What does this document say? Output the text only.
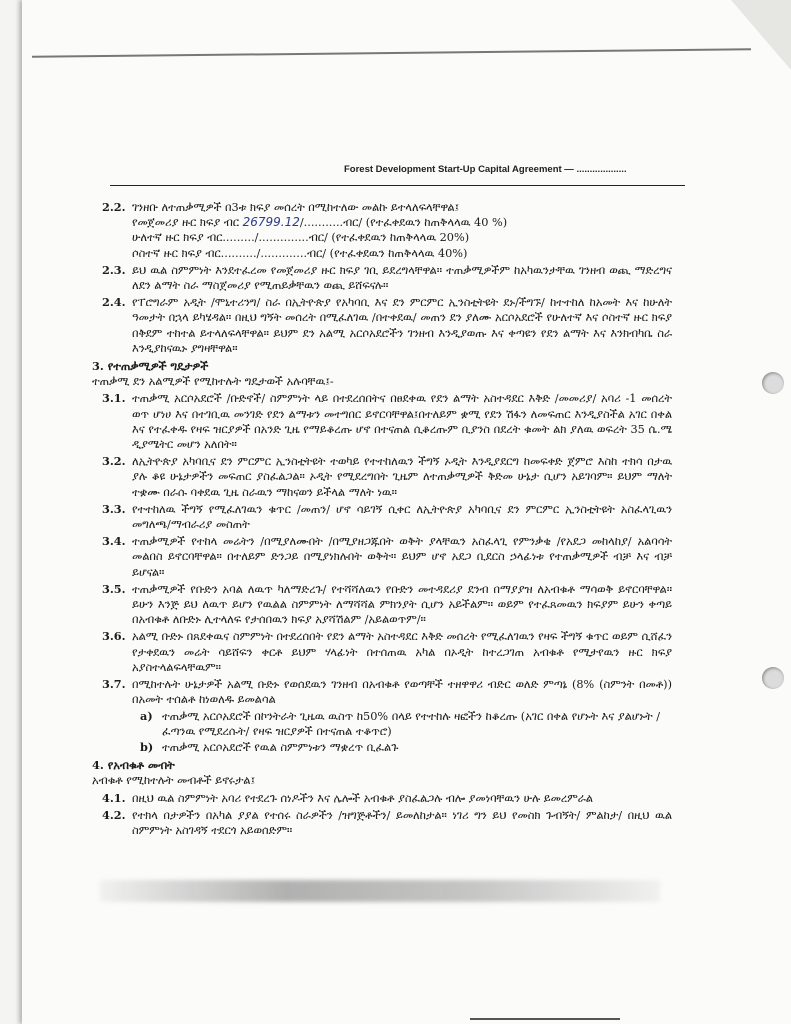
Forest Development Start-Up Capital Agreement — ...................
2.2. ገንዘቡ ለተጠቃሚዎች በ3ቱ ክፍያ መሰረት በሚከተለው መልኩ ይተላለፍላቸዋል፤

የመጀመሪያ ዙር ክፍያ ብር 26799.12/...........ብር/ (የተፈቀደዉን ከጠቅላላዉ 40 %)

ሁለተኛ ዙር ክፍያ ብር........./..............ብር/ (የተፈቀደዉን ከጠቅላላዉ 20%)

ሶስተኛ ዙር ክፍያ ብር........../.............ብር/ (የተፈቀደዉን ከጠቅላላዉ 40%)

2.3. ይህ ዉል ስምምነት እንደተፈረመ የመጀመሪያ ዙር ክፍያ ገቢ ይደረግላቸዋል። ተጠቃሚዎችም ከአካዉንታቸዉ ገንዘብ ወጪ ማድረግና ለደን ልማት ስራ ማስጀመሪያ የሚጠይቃቸዉን ወጪ ይሸፍናሉ።

2.4. የፐሮግራም አዲት /ሞኒተሪንግ/ ስራ በኢትዮጵያ የአካባቢ እና ደን ምርምር ኢንስቲትዩት ደኑ/ችግኙ/ ከተተከለ ከአመት እና ከሁለት ዓመታት በኋላ ይካሄዳል። በዚህ ግኝት መሰረት በሚፈለገዉ /በተቀደዉ/ መጠን ደን ያለሙ አርሶአደሮች የሁለተኛ እና ሶስተኛ ዙር ክፍያ በቅደም ተከተል ይተላለፍላቸዋል። ይህም ደን አልሚ አርሶአደሮችን ገንዘብ እንዲያወጡ እና ቀጣዩን የደን ልማት እና እንክብካቤ ስራ እንዲያከናዉኑ ያግዛቸዋል።

3. የተጠቃሚዎች ግዴታዎች

ተጠቃሚ ደን አልሚዎች የሚከተሉት ግዴታወች አሉባቸዉ፤-

3.1. ተጠቃሚ አርሶአደሮች /ቡድኖች/ ስምምነት ላይ በተደረሰበትና በፀደቀዉ የደን ልማት አስተዳደር እቅድ /መመሪያ/ አባሪ -1 መሰረት ወጥ ሆነሀ እና በተገቢዉ መንገድ የደን ልማቱን መተግበር ይኖርባቸዋል፤በተለይም ቋሚ የደን ሽፋን ለመፍጠር እንዲያስችል አገር በቀል እና የተፈቀዱ የዛፍ ዝርያዎች በአንድ ጊዜ የማይቆረጡ ሆኖ በተናጠል ሲቆረጡም ቢያንስ በደረት ቁመት ልክ ያለዉ ወፍረት 35 ሴ.ሜ ዲያሜትር መሆን አለበት።

3.2. ለኢትዮጵያ አካባቢና ደን ምርምር ኢንስቲትዩት ተወካይ የተተከለዉን ችግኝ ኦዲት እንዲያደርግ ከመፍቀድ ጀምሮ እስከ ተክሳ በታዉ ያሉ ቆዩ ሁኔታዎችን መፍጠር ያስፈልጋል። ኦዲት የሚደረግበት ጊዜም ለተጠቃሚዎች ቅድመ ሁኔታ ሲሆን አይገባም። ይህም ማለት ተቋሙ በራሱ ባቀደዉ ጊዜ ስራዉን ማከናወን ይችላል ማለት ነዉ።

3.3. የተተከለዉ ችግኝ የሚፈለገዉን ቁጥር /መጠን/ ሆኖ ሳይገኝ ሲቀር ለኢትዮጵያ አካባቢና ደን ምርምር ኢንስቲትዩት አስፈላጊዉን መግለጫ/ማብራሪያ መስጠት

3.4. ተጠቃሚዎች የተከላ መሬትን /በሚያለሙበት /በሚያዘጋጁበት ወቅት ያላቸዉን አስፈላጊ የምንቃቄ /የአደጋ መከላከያ/ አልባሳት መልበስ ይኖርባቸዋል። በተለይም ድንጋይ በሚያነክሉበት ወቅት። ይህም ሆኖ አደጋ ቢደርስ ኃላፊነቱ የተጠቃሚዎች ብቻ እና ብቻ ይሆናል።

3.5. ተጠቃሚዎች የቡድን አባል ለዉጥ ካለማድረጉ/ የተሻሻለዉን የቡድን መተዳደሪያ ደንብ በማያያዝ ለአብቁቶ ማሳወቅ ይኖርባቸዋል። ይሁን እንጅ ይህ ለዉጥ ይሆን የዉልል ስምምነት ለማሻሻል ምክንያት ሲሆን አይችልም። ወይም የተፈጸመዉን ክፍያም ይሁን ቀጣይ በአብቁቶ ለቡድኑ ሊተላለፍ የታሰበዉን ክፍያ አያሻሽልም /አይልወጥም/።

3.6. አልሚ ቡድኑ በጸደቀዉና ስምምነት በተደረሰበት የደን ልማት አስተዳደር እቅድ መሰረት የሚፈለገዉን የዛፍ ችግኝ ቁጥር ወይም ሲሸፈን የታቀደዉን መሬት ሳይሸፍን ቀርቶ ይህም ሃላፊነት በተሰጠዉ አካል በኦዲት ከተረጋገጠ አብቁቶ የሚታየዉን ዙር ክፍያ አያስተላልፍላቸዉም።

3.7. በሚከተሉት ሁኔታዎች አልሚ ቡድኑ የወሰደዉን ገንዘብ በአብቁቶ የወጣቸች ተዘዋዋሪ ብድር ወለድ ምጣኔ (8% (ስምንት በመቶ)) በአመት ተሰልቶ ከነወለዱ ይመልሳል

a) ተጠቃሚ አርሶአደሮች በኮንትራት ጊዜዉ ዉስጥ ከ50% በላይ የተተከሉ ዛፎችን ከቆረጡ (አገር በቀል የሆኑት እና ያልሆኑት /ፈጣንዉ የሚደረሱት/ የዛፍ ዝርያዎች በተናጠል ተቆጥሮ)

b) ተጠቃሚ አርሶአደሮች የዉል ስምምነቱን ማቋረጥ ቢፈልጉ

4. የአብቁቶ መብት

አብቁቶ የሚከተሉት መብቶች ይኖሩታል፤

4.1. በዚህ ዉል ስምምነት አባሪ የተደረጉ ሰነዶችን እና ሌሎች አብቁቶ ያስፈልጋሉ ብሎ ያመነባቸዉን ሁሉ ይመረምራል

4.2. የተክላ በታዎችን በአካል ያያል የተሰሩ ስራዎችን /ዝግጅቶችን/ ይመለከታል። ነገሪ ግን ይህ የመስክ ጉብኝት/ ምልከታ/ በዚህ ዉል ስምምነት አስገዳኝ ተደርጎ አይወሰድም።
